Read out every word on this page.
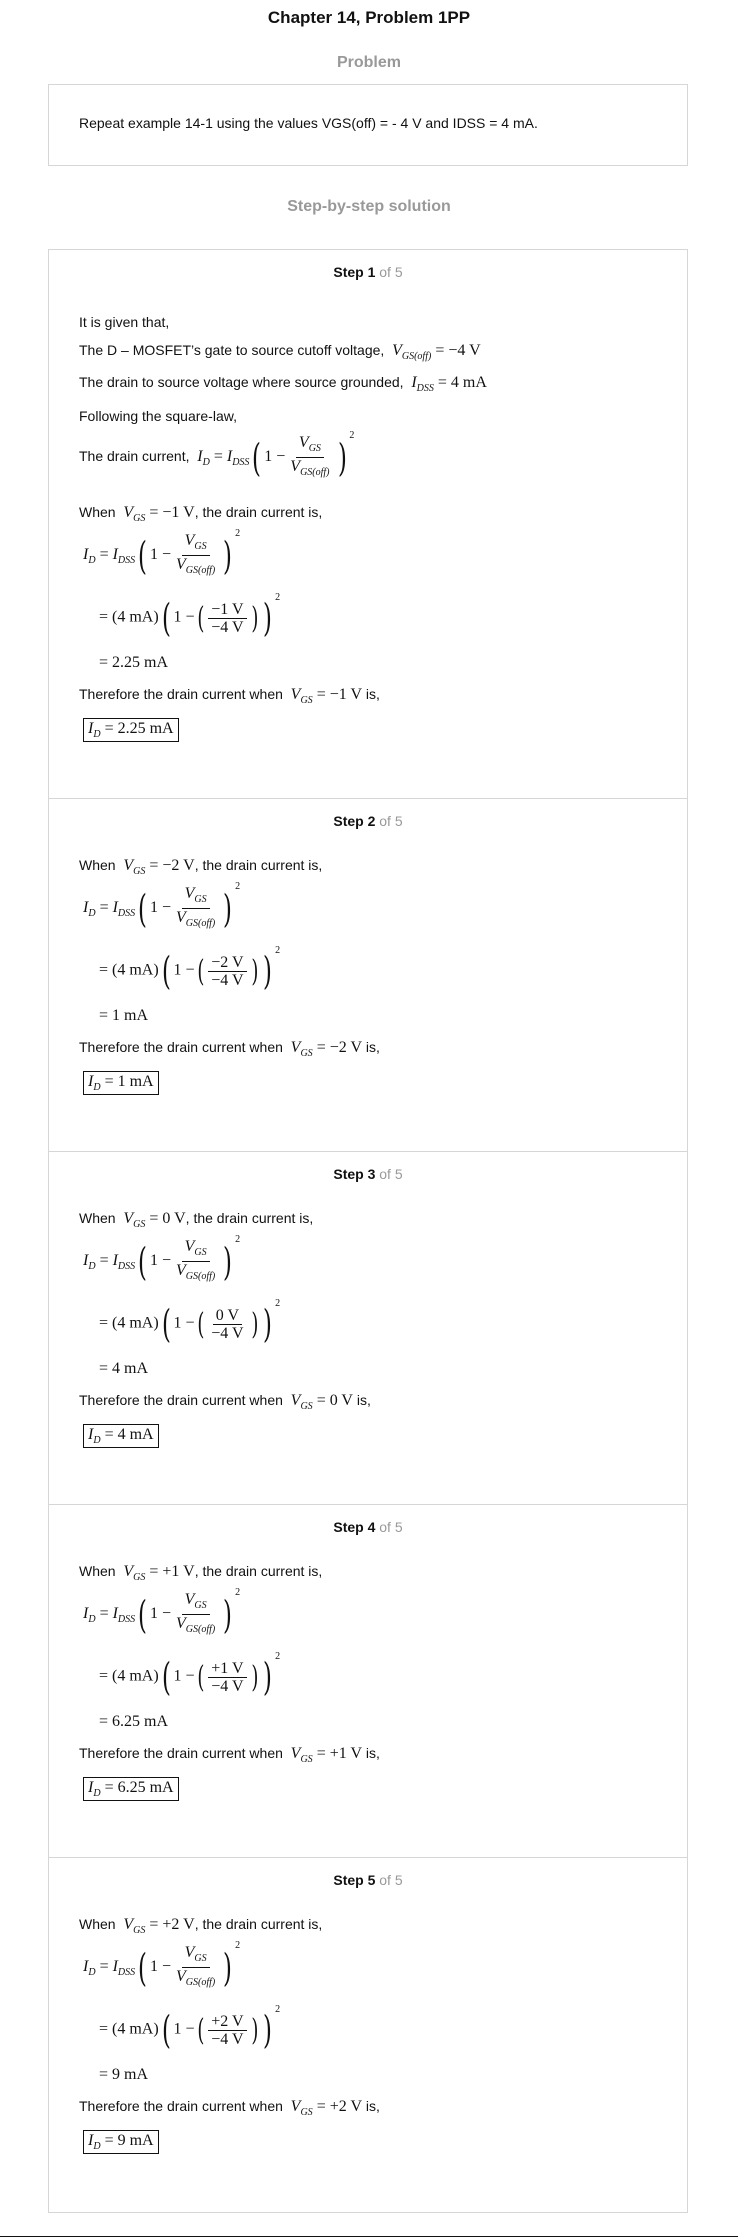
Chapter 14, Problem 1PP
Problem
Repeat example 14-1 using the values VGS(off) = - 4 V and IDSS = 4 mA.
Step-by-step solution
Step 1 of 5
It is given that,
The D – MOSFET’s gate to source cutoff voltage, $V_{GS(off)} = -4$ V
The drain to source voltage where source grounded, $I_{DSS} = 4$ mA
Following the square-law,
The drain current, $I_D = I_{DSS}$( $1 - \frac{V_{GS}}{V_{GS(off)}}$ ) $^2$
When $V_{GS} = -1$ V, the drain current is,
$I_D = I_{DSS}$( $1 - \frac{V_{GS}}{V_{GS(off)}}$ ) $^2$
= (4 mA)( 1 −( $\frac{-1 V}{-4 V}$ ) ) $^2$
= 2.25 mA
Therefore the drain current when $V_{GS} = -1$ V is,
$I_D = 2.25$ mA
Step 2 of 5
When $V_{GS} = -2$ V, the drain current is,
$I_D = I_{DSS}$( $1 - \frac{V_{GS}}{V_{GS(off)}}$ ) $^2$
= (4 mA)( 1 −( $\frac{-2 V}{-4 V}$ ) ) $^2$
= 1 mA
Therefore the drain current when $V_{GS} = -2$ V is,
$I_D = 1$ mA
Step 3 of 5
When $V_{GS} = 0$ V, the drain current is,
$I_D = I_{DSS}$( $1 - \frac{V_{GS}}{V_{GS(off)}}$ ) $^2$
= (4 mA)( 1 −( $\frac{0 V}{-4 V}$ ) ) $^2$
= 4 mA
Therefore the drain current when $V_{GS} = 0$ V is,
$I_D = 4$ mA
Step 4 of 5
When $V_{GS} = +1$ V, the drain current is,
$I_D = I_{DSS}$( $1 - \frac{V_{GS}}{V_{GS(off)}}$ ) $^2$
= (4 mA)( 1 −( $\frac{+1 V}{-4 V}$ ) ) $^2$
= 6.25 mA
Therefore the drain current when $V_{GS} = +1$ V is,
$I_D = 6.25$ mA
Step 5 of 5
When $V_{GS} = +2$ V, the drain current is,
$I_D = I_{DSS}$( $1 - \frac{V_{GS}}{V_{GS(off)}}$ ) $^2$
= (4 mA)( 1 −( $\frac{+2 V}{-4 V}$ ) ) $^2$
= 9 mA
Therefore the drain current when $V_{GS} = +2$ V is,
$I_D = 9$ mA
